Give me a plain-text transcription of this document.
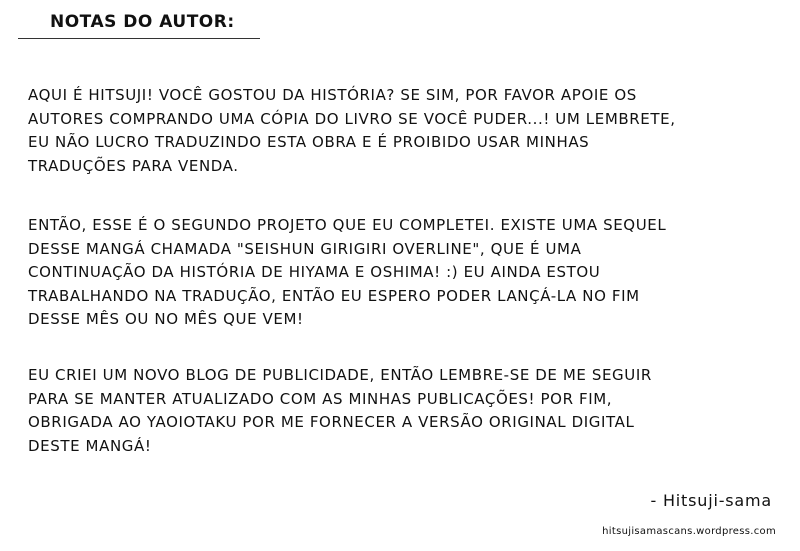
NOTAS DO AUTOR:

AQUI É HITSUJI! VOCÊ GOSTOU DA HISTÓRIA? SE SIM, POR FAVOR APOIE OS
AUTORES COMPRANDO UMA CÓPIA DO LIVRO SE VOCÊ PUDER...! UM LEMBRETE,
EU NÃO LUCRO TRADUZINDO ESTA OBRA E É PROIBIDO USAR MINHAS
TRADUÇÕES PARA VENDA.

ENTÃO, ESSE É O SEGUNDO PROJETO QUE EU COMPLETEI. EXISTE UMA SEQUEL
DESSE MANGÁ CHAMADA "SEISHUN GIRIGIRI OVERLINE", QUE É UMA
CONTINUAÇÃO DA HISTÓRIA DE HIYAMA E OSHIMA! :) EU AINDA ESTOU
TRABALHANDO NA TRADUÇÃO, ENTÃO EU ESPERO PODER LANÇÁ-LA NO FIM
DESSE MÊS OU NO MÊS QUE VEM!

EU CRIEI UM NOVO BLOG DE PUBLICIDADE, ENTÃO LEMBRE-SE DE ME SEGUIR
PARA SE MANTER ATUALIZADO COM AS MINHAS PUBLICAÇÕES! POR FIM,
OBRIGADA AO YAOIOTAKU POR ME FORNECER A VERSÃO ORIGINAL DIGITAL
DESTE MANGÁ!

- Hitsuji-sama
hitsujisamascans.wordpress.com
